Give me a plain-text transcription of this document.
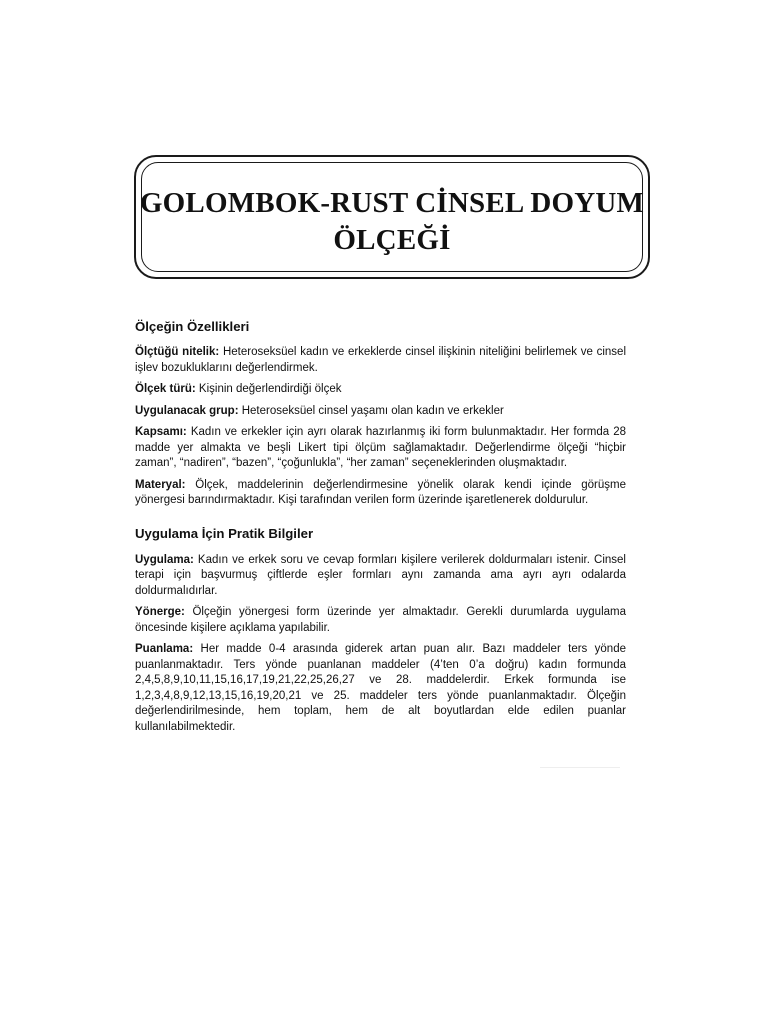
GOLOMBOK-RUST CİNSEL DOYUM
ÖLÇEĞİ
Ölçeğin Özellikleri

Ölçtüğü nitelik: Heteroseksüel kadın ve erkeklerde cinsel ilişkinin niteliğini belirlemek ve cinsel işlev bozukluklarını değerlendirmek.

Ölçek türü: Kişinin değerlendirdiği ölçek

Uygulanacak grup: Heteroseksüel cinsel yaşamı olan kadın ve erkekler

Kapsamı: Kadın ve erkekler için ayrı olarak hazırlanmış iki form bulunmaktadır. Her formda 28 madde yer almakta ve beşli Likert tipi ölçüm sağlamaktadır. Değerlendirme ölçeği “hiçbir zaman”, “nadiren”, “bazen”, “çoğunlukla”, “her zaman” seçeneklerinden oluşmaktadır.

Materyal: Ölçek, maddelerinin değerlendirmesine yönelik olarak kendi içinde görüşme yönergesi barındırmaktadır. Kişi tarafından verilen form üzerinde işaretlenerek doldurulur.

Uygulama İçin Pratik Bilgiler

Uygulama: Kadın ve erkek soru ve cevap formları kişilere verilerek doldurmaları istenir. Cinsel terapi için başvurmuş çiftlerde eşler formları aynı zamanda ama ayrı ayrı odalarda doldurmalıdırlar.

Yönerge: Ölçeğin yönergesi form üzerinde yer almaktadır. Gerekli durumlarda uygulama öncesinde kişilere açıklama yapılabilir.

Puanlama: Her madde 0-4 arasında giderek artan puan alır. Bazı maddeler ters yönde puanlanmaktadır. Ters yönde puanlanan maddeler (4’ten 0’a doğru) kadın formunda 2,4,5,8,9,10,11,15,16,17,19,21,22,25,26,27 ve 28. maddelerdir. Erkek formunda ise 1,2,3,4,8,9,12,13,15,16,19,20,21 ve 25. maddeler ters yönde puanlanmaktadır. Ölçeğin değerlendirilmesinde, hem toplam, hem de alt boyutlardan elde edilen puanlar kullanılabilmektedir.
